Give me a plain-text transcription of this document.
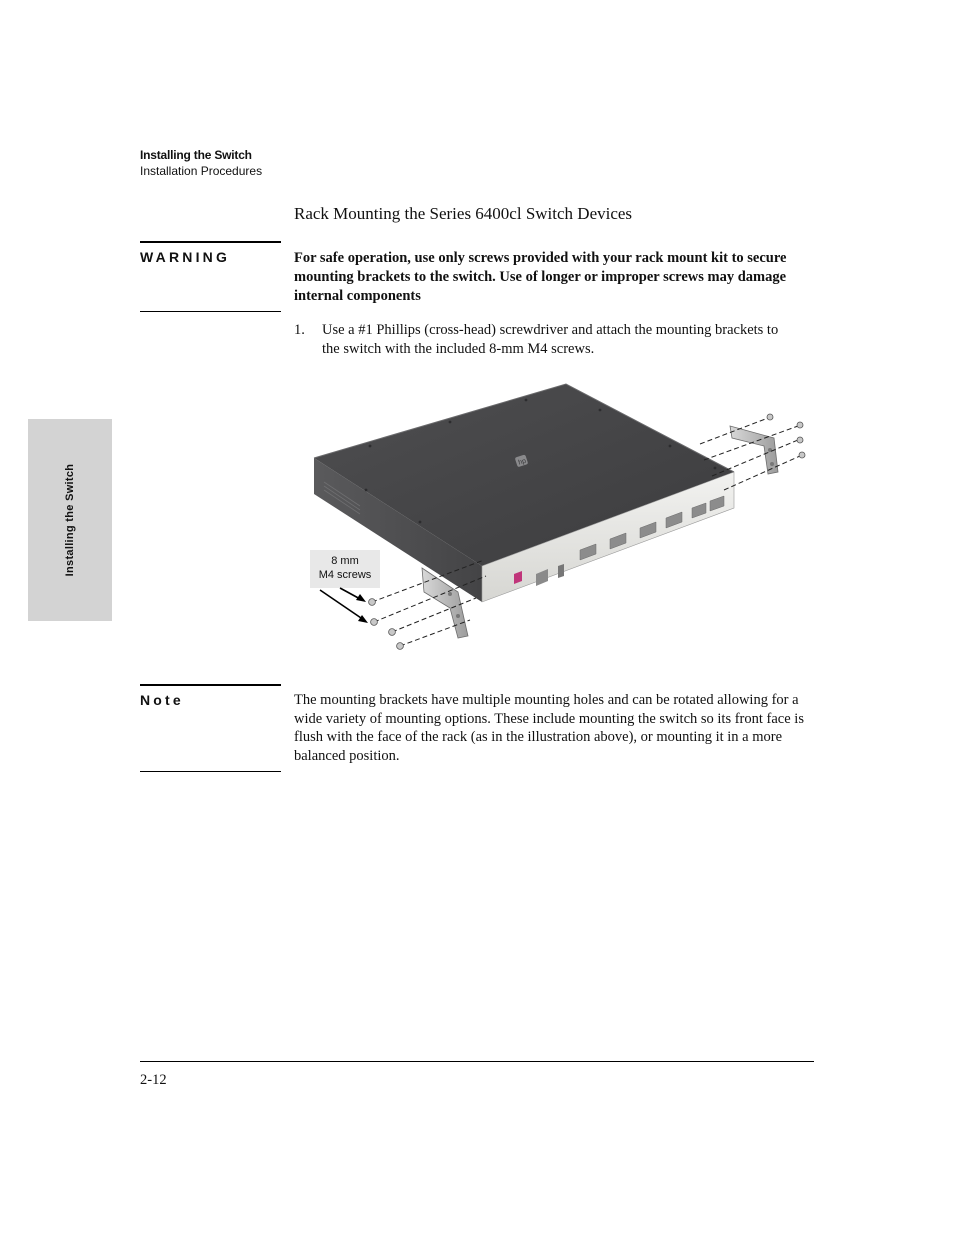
Installing the Switch
Installation Procedures
Installing the Switch
Rack Mounting the Series 6400cl Switch Devices
WARNING	For safe operation, use only screws provided with your rack mount kit to secure mounting brackets to the switch. Use of longer or improper screws may damage internal components
1. Use a #1 Phillips (cross-head) screwdriver and attach the mounting brackets to the switch with the included 8-mm M4 screws.
hp
8 mm
M4 screws
Note	The mounting brackets have multiple mounting holes and can be rotated allowing for a wide variety of mounting options. These include mounting the switch so its front face is flush with the face of the rack (as in the illustration above), or mounting it in a more balanced position.
2-12
